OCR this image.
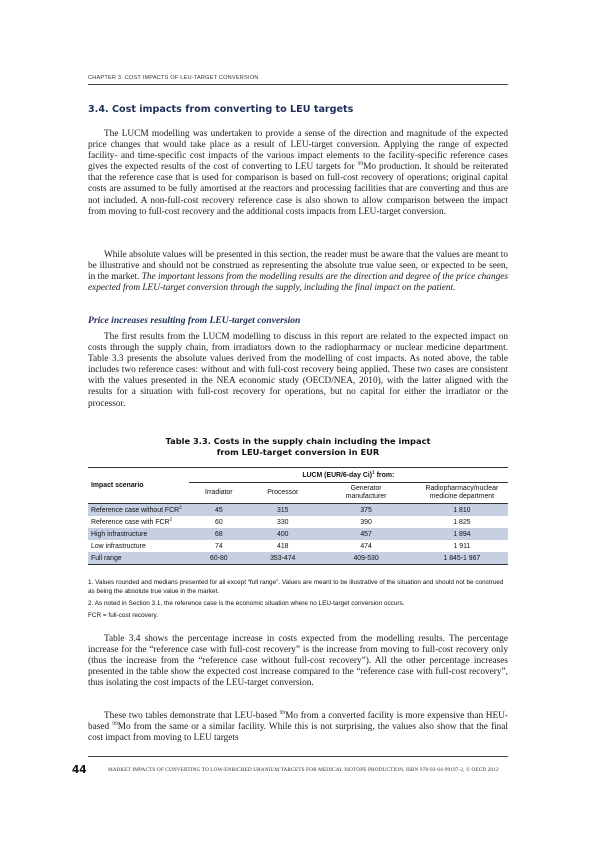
CHAPTER 3. COST IMPACTS OF LEU-TARGET CONVERSION
3.4. Cost impacts from converting to LEU targets

The LUCM modelling was undertaken to provide a sense of the direction and magnitude of the expected price changes that would take place as a result of LEU-target conversion. Applying the range of expected facility- and time-specific cost impacts of the various impact elements to the facility-specific reference cases gives the expected results of the cost of converting to LEU targets for $^{99}$Mo production. It should be reiterated that the reference case that is used for comparison is based on full-cost recovery of operations; original capital costs are assumed to be fully amortised at the reactors and processing facilities that are converting and thus are not included. A non-full-cost recovery reference case is also shown to allow comparison between the impact from moving to full-cost recovery and the additional costs impacts from LEU-target conversion.

While absolute values will be presented in this section, the reader must be aware that the values are meant to be illustrative and should not be construed as representing the absolute true value seen, or expected to be seen, in the market. The important lessons from the modelling results are the direction and degree of the price changes expected from LEU-target conversion through the supply, including the final impact on the patient.

Price increases resulting from LEU-target conversion

The first results from the LUCM modelling to discuss in this report are related to the expected impact on costs through the supply chain, from irradiators down to the radiopharmacy or nuclear medicine department. Table 3.3 presents the absolute values derived from the modelling of cost impacts. As noted above, the table includes two reference cases: without and with full-cost recovery being applied. These two cases are consistent with the values presented in the NEA economic study (OECD/NEA, 2010), with the latter aligned with the results for a situation with full-cost recovery for operations, but no capital for either the irradiator or the processor.

Table 3.3. Costs in the supply chain including the impact
from LEU-target conversion in EUR
Impact scenario	LUCM (EUR/6-day Ci)$^1$ from:			
	Irradiator	Processor	Generator manufacturer	Radiopharmacy/nuclear medicine department
Reference case without FCR$^2$	45	315	375	1 810
Reference case with FCR$^2$	60	330	390	1 825
High infrastructure	68	400	457	1 894
Low infrastructure	74	418	474	1 911
Full range	60-80	353-474	409-530	1 845-1 967

1. Values rounded and medians presented for all except “full range”. Values are meant to be illustrative of the situation and should not be construed as being the absolute true value in the market.

2. As noted in Section 3.1, the reference case is the economic situation where no LEU-target conversion occurs.

FCR = full-cost recovery.

Table 3.4 shows the percentage increase in costs expected from the modelling results. The percentage increase for the “reference case with full-cost recovery” is the increase from moving to full-cost recovery only (thus the increase from the “reference case without full-cost recovery”). All the other percentage increases presented in the table show the expected cost increase compared to the “reference case with full-cost recovery”, thus isolating the cost impacts of the LEU-target conversion.

These two tables demonstrate that LEU-based $^{99}$Mo from a converted facility is more expensive than HEU-based $^{99}$Mo from the same or a similar facility. While this is not surprising, the values also show that the final cost impact from moving to LEU targets

44	MARKET IMPACTS OF CONVERTING TO LOW-ENRICHED URANIUM TARGETS FOR MEDICAL ISOTOPE PRODUCTION, ISBN 978-92-64-99197-2, © OECD 2012
